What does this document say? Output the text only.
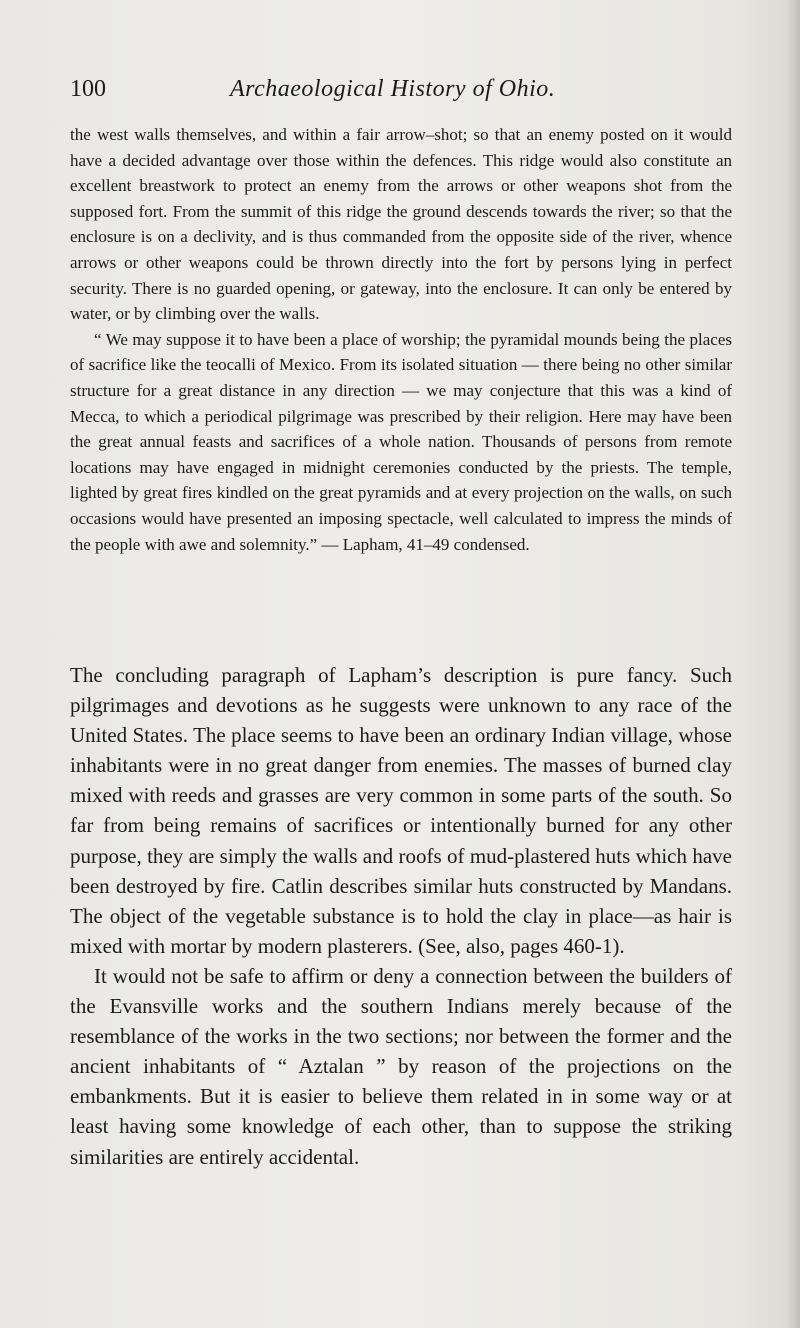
100	Archaeological History of Ohio.

the west walls themselves, and within a fair arrow–shot; so that an enemy posted on it would have a decided advantage over those within the defences. This ridge would also constitute an excellent breastwork to protect an enemy from the arrows or other weapons shot from the supposed fort. From the summit of this ridge the ground descends towards the river; so that the enclosure is on a declivity, and is thus commanded from the opposite side of the river, whence arrows or other weapons could be thrown directly into the fort by persons lying in perfect security. There is no guarded opening, or gateway, into the enclosure. It can only be entered by water, or by climbing over the walls.

“ We may suppose it to have been a place of worship; the pyramidal mounds being the places of sacrifice like the teocalli of Mexico. From its isolated situation — there being no other similar structure for a great distance in any direction — we may conjecture that this was a kind of Mecca, to which a periodical pilgrimage was prescribed by their religion. Here may have been the great annual feasts and sacrifices of a whole nation. Thousands of persons from remote locations may have engaged in midnight ceremonies conducted by the priests. The temple, lighted by great fires kindled on the great pyramids and at every projection on the walls, on such occasions would have presented an imposing spectacle, well calculated to impress the minds of the people with awe and solemnity.” — Lapham, 41–49 condensed.

The concluding paragraph of Lapham’s description is pure fancy. Such pilgrimages and devotions as he suggests were unknown to any race of the United States. The place seems to have been an ordinary Indian village, whose inhabitants were in no great danger from enemies. The masses of burned clay mixed with reeds and grasses are very common in some parts of the south. So far from being remains of sacrifices or intentionally burned for any other purpose, they are simply the walls and roofs of mud-plastered huts which have been destroyed by fire. Catlin describes similar huts constructed by Mandans. The object of the vegetable substance is to hold the clay in place—as hair is mixed with mortar by modern plasterers. (See, also, pages 460-1).

It would not be safe to affirm or deny a connection between the builders of the Evansville works and the southern Indians merely because of the resemblance of the works in the two sections; nor between the former and the ancient inhabitants of “ Aztalan ” by reason of the projections on the embankments. But it is easier to believe them related in in some way or at least having some knowledge of each other, than to suppose the striking similarities are entirely accidental.
